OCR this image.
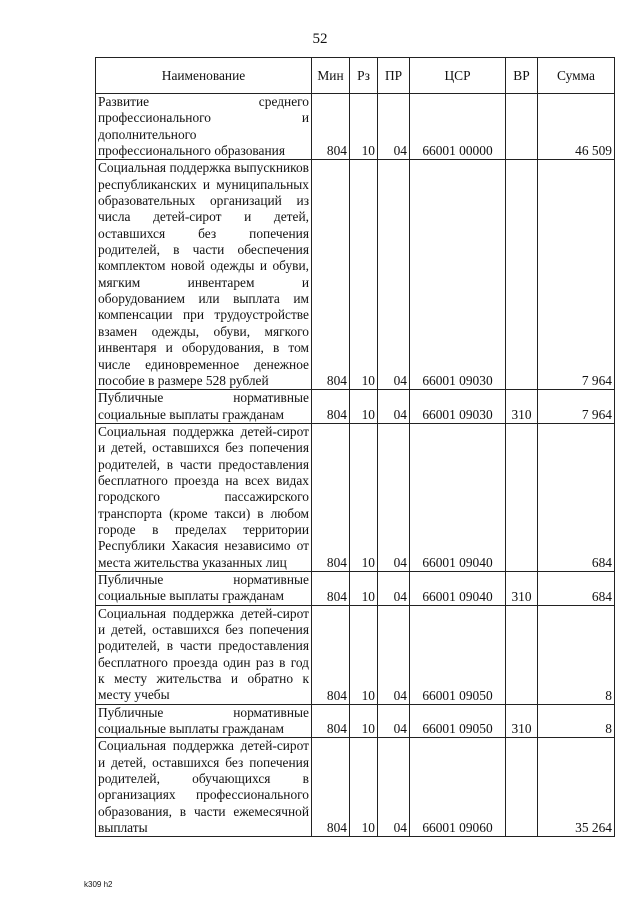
52
Наименование	Мин	Рз	ПР	ЦСР	ВР	Сумма
Развитие среднего профессионального и дополнительного профессионального образования	804	10	04	66001 00000		46 509
Социальная поддержка выпускников республиканских и муниципальных образовательных организаций из числа детей-сирот и детей, оставшихся без попечения родителей, в части обеспечения комплектом новой одежды и обуви, мягким инвентарем и оборудованием или выплата им компенсации при трудоустройстве взамен одежды, обуви, мягкого инвентаря и оборудования, в том числе единовременное денежное пособие в размере 528 рублей	804	10	04	66001 09030		7 964
Публичные нормативные социальные выплаты гражданам	804	10	04	66001 09030	310	7 964
Социальная поддержка детей-сирот и детей, оставшихся без попечения родителей, в части предоставления бесплатного проезда на всех видах городского пассажирского транспорта (кроме такси) в любом городе в пределах территории Республики Хакасия независимо от места жительства указанных лиц	804	10	04	66001 09040		684
Публичные нормативные социальные выплаты гражданам	804	10	04	66001 09040	310	684
Социальная поддержка детей-сирот и детей, оставшихся без попечения родителей, в части предоставления бесплатного проезда один раз в год к месту жительства и обратно к месту учебы	804	10	04	66001 09050		8
Публичные нормативные социальные выплаты гражданам	804	10	04	66001 09050	310	8
Социальная поддержка детей-сирот и детей, оставшихся без попечения родителей, обучающихся в организациях профессионального образования, в части ежемесячной выплаты	804	10	04	66001 09060		35 264
k309 h2
